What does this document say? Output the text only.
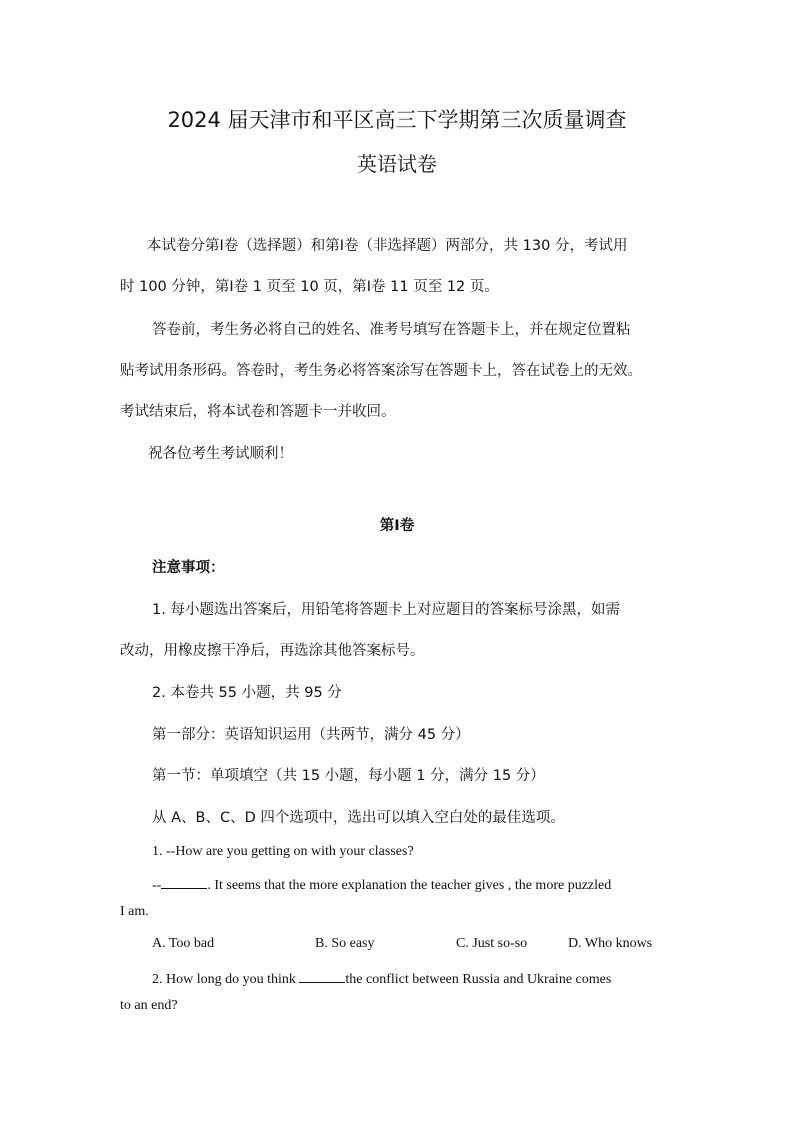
2024 届天津市和平区高三下学期第三次质量调查
英语试卷
本试卷分第Ⅰ卷（选择题）和第Ⅰ卷（非选择题）两部分，共 130 分，考试用
时 100 分钟，第Ⅰ卷 1 页至 10 页，第Ⅰ卷 11 页至 12 页。
答卷前，考生务必将自己的姓名、准考号填写在答题卡上，并在规定位置粘
贴考试用条形码。答卷时，考生务必将答案涂写在答题卡上，答在试卷上的无效。
考试结束后，将本试卷和答题卡一并收回。
祝各位考生考试顺利！
第Ⅰ卷
注意事项：
1. 每小题选出答案后，用铅笔将答题卡上对应题目的答案标号涂黑，如需
改动，用橡皮擦干净后，再选涂其他答案标号。
2. 本卷共 55 小题，共 95 分
第一部分：英语知识运用（共两节，满分 45 分）
第一节：单项填空（共 15 小题，每小题 1 分，满分 15 分）
从 A、B、C、D 四个选项中，选出可以填入空白处的最佳选项。
1. --How are you getting on with your classes?
--	. It seems that the more explanation the teacher gives , the more puzzled
I am.
A. Too bad	B. So easy	C. Just so-so	D. Who knows
2. How long do you think	the conflict between Russia and Ukraine comes
to an end?
